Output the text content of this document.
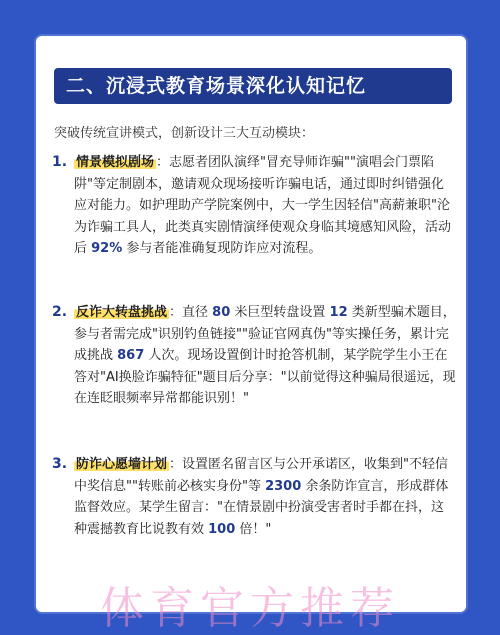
二、沉浸式教育场景深化认知记忆
突破传统宣讲模式，创新设计三大互动模块：
1. 情景模拟剧场 ：志愿者团队演绎"冒充导师诈骗""演唱会门票陷阱"等定制剧本，邀请观众现场接听诈骗电话，通过即时纠错强化应对能力。如护理助产学院案例中，大一学生因轻信"高薪兼职"沦为诈骗工具人，此类真实剧情演绎使观众身临其境感知风险，活动后 92% 参与者能准确复现防诈应对流程。
2. 反诈大转盘挑战 ：直径 80 米巨型转盘设置 12 类新型骗术题目，参与者需完成"识别钓鱼链接""验证官网真伪"等实操任务，累计完成挑战 867 人次。现场设置倒计时抢答机制，某学院学生小王在答对"AI换脸诈骗特征"题目后分享："以前觉得这种骗局很遥远，现在连眨眼频率异常都能识别！"
3. 防诈心愿墙计划 ：设置匿名留言区与公开承诺区，收集到"不轻信中奖信息""转账前必核实身份"等 2300 余条防诈宣言，形成群体监督效应。某学生留言："在情景剧中扮演受害者时手都在抖，这种震撼教育比说教有效 100 倍！"
体育官方推荐
